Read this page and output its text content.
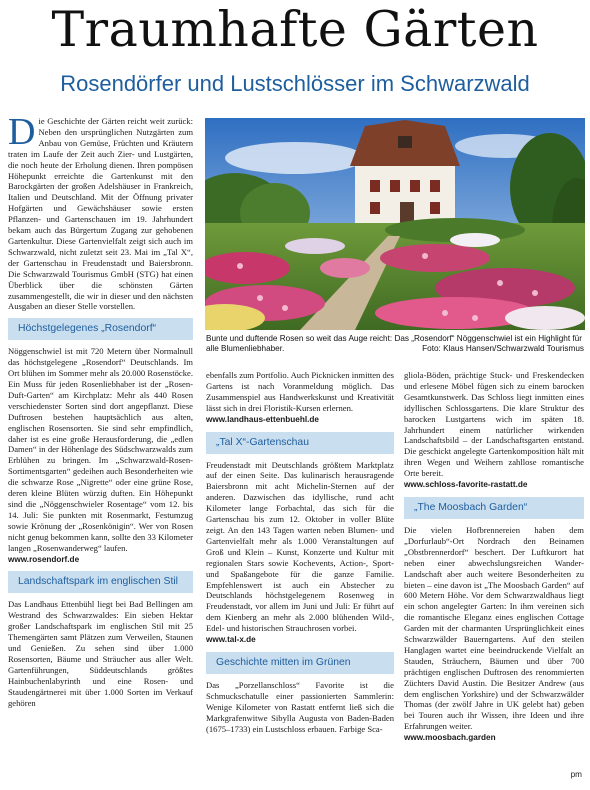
Traumhafte Gärten
Rosendörfer und Lustschlösser im Schwarzwald

Die Geschichte der Gärten reicht weit zurück: Neben den ursprünglichen Nutzgärten zum Anbau von Gemüse, Früchten und Kräutern traten im Laufe der Zeit auch Zier- und Lustgärten, die noch heute der Erholung dienen. Ihren pompösen Höhepunkt erreichte die Gartenkunst mit den Barockgärten der großen Adelshäuser in Frankreich, Italien und Deutschland. Mit der Öffnung privater Hofgärten und Gewächshäuser sowie ersten Pflanzen- und Gartenschauen im 19. Jahrhundert bekam auch das Bürgertum Zugang zur gehobenen Gartenkultur. Diese Gartenvielfalt zeigt sich auch im Schwarzwald, nicht zuletzt seit 23. Mai im „Tal X“, der Gartenschau in Freudenstadt und Baiersbronn. Die Schwarzwald Tourismus GmbH (STG) hat einen Überblick über die schönsten Gärten zusammengestellt, die wir in dieser und den nächsten Ausgaben an dieser Stelle vorstellen.

Höchstgelegenes „Rosendorf“

Nöggenschwiel ist mit 720 Metern über Normalnull das höchstgelegene „Rosendorf“ Deutschlands. Im Ort blühen im Sommer mehr als 20.000 Rosenstöcke. Ein Muss für jeden Rosenliebhaber ist der „Rosen-Duft-Garten“ am Kirchplatz: Mehr als 440 Rosen verschiedenster Sorten sind dort angepflanzt. Diese Duftrosen bestehen hauptsächlich aus alten, englischen Rosensorten. Sie sind sehr empfindlich, daher ist es eine große Herausforderung, die „edlen Damen“ in der Höhenlage des Südschwarzwalds zum Erblühen zu bringen. Im „Schwarzwald-Rosen-Sortimentsgarten“ gedeihen auch Besonderheiten wie die schwarze Rose „Nigrette“ oder eine grüne Rose, deren kleine Blüten würzig duften. Ein Höhepunkt sind die „Nöggenschwieler Rosentage“ vom 12. bis 14. Juli: Sie punkten mit Rosenmarkt, Festumzug sowie Krönung der „Rosenkönigin“. Wer von Rosen nicht genug bekommen kann, sollte den 33 Kilometer langen „Rosenwanderweg“ laufen.

www.rosendorf.de
Landschaftspark im englischen Stil

Das Landhaus Ettenbühl liegt bei Bad Bellingen am Westrand des Schwarzwaldes: Ein sieben Hektar großer Landschaftspark im englischen Stil mit 25 Themengärten samt Plätzen zum Verweilen, Staunen und Genießen. Zu sehen sind über 1.000 Rosensorten, Bäume und Sträucher aus aller Welt. Gartenführungen, Süddeutschlands größtes Hainbuchenlabyrinth und eine Rosen- und Staudengärtnerei mit über 1.000 Sorten im Verkauf gehören

Bunte und duftende Rosen so weit das Auge reicht: Das „Rosendorf“ Nöggenschwiel ist ein Highlight für alle Blumenliebhaber.	Foto: Klaus Hansen/Schwarzwald Tourismus

ebenfalls zum Portfolio. Auch Picknicken inmitten des Gartens ist nach Voranmeldung möglich. Das Zusammenspiel aus Handwerkskunst und Kreativität lässt sich in drei Floristik-Kursen erlernen.

www.landhaus-ettenbuehl.de
„Tal X“-Gartenschau

Freudenstadt mit Deutschlands größtem Marktplatz auf der einen Seite. Das kulinarisch herausragende Baiersbronn mit acht Michelin-Sternen auf der anderen. Dazwischen das idyllische, rund acht Kilometer lange Forbachtal, das sich für die Gartenschau bis zum 12. Oktober in voller Blüte zeigt. An den 143 Tagen warten neben Blumen- und Gartenvielfalt mehr als 1.000 Veranstaltungen auf Groß und Klein – Kunst, Konzerte und Kultur mit regionalen Stars sowie Kochevents, Action-, Sport- und Spaßangebote für die ganze Familie. Empfehlenswert ist auch ein Abstecher zu Deutschlands höchstgelegenem Rosenweg in Freudenstadt, vor allem im Juni und Juli: Er führt auf dem Kienberg an mehr als 2.000 blühenden Wild-, Edel- und historischen Strauchrosen vorbei.

www.tal-x.de
Geschichte mitten im Grünen

Das „Porzellanschloss“ Favorite ist die Schmuckschatulle einer passionierten Sammlerin: Wenige Kilometer von Rastatt entfernt ließ sich die Markgrafenwitwe Sibylla Augusta von Baden-Baden (1675–1733) ein Lustschloss erbauen. Farbige Sca-

gliola-Böden, prächtige Stuck- und Freskendecken und erlesene Möbel fügen sich zu einem barocken Gesamtkunstwerk. Das Schloss liegt inmitten eines idyllischen Schlossgartens. Die klare Struktur des barocken Lustgartens wich im späten 18. Jahrhundert einem natürlicher wirkenden Landschaftsbild – der Landschaftsgarten entstand. Die geschickt angelegte Gartenkomposition hält mit ihren Wegen und Weihern zahllose romantische Orte bereit.

www.schloss-favorite-rastatt.de
„The Moosbach Garden“

Die vielen Hofbrennereien haben dem „Dorfurlaub“-Ort Nordrach den Beinamen „Obstbrennerdorf“ beschert. Der Luftkurort hat neben einer abwechslungsreichen Wander-Landschaft aber auch weitere Besonderheiten zu bieten – eine davon ist „The Moosbach Garden“ auf 600 Metern Höhe. Vor dem Schwarzwaldhaus liegt ein schon angelegter Garten: In ihm vereinen sich die romantische Eleganz eines englischen Cottage Garden mit der charmanten Ursprünglichkeit eines Schwarzwälder Bauerngartens. Auf den steilen Hanglagen wartet eine beeindruckende Vielfalt an Stauden, Sträuchern, Bäumen und über 700 prächtigen englischen Duftrosen des renommierten Züchters David Austin. Die Besitzer Andrew (aus dem englischen Yorkshire) und der Schwarzwälder Thomas (der zwölf Jahre in UK gelebt hat) geben bei Touren auch ihr Wissen, ihre Ideen und ihre Erfahrungen weiter.

www.moosbach.garden
pm
